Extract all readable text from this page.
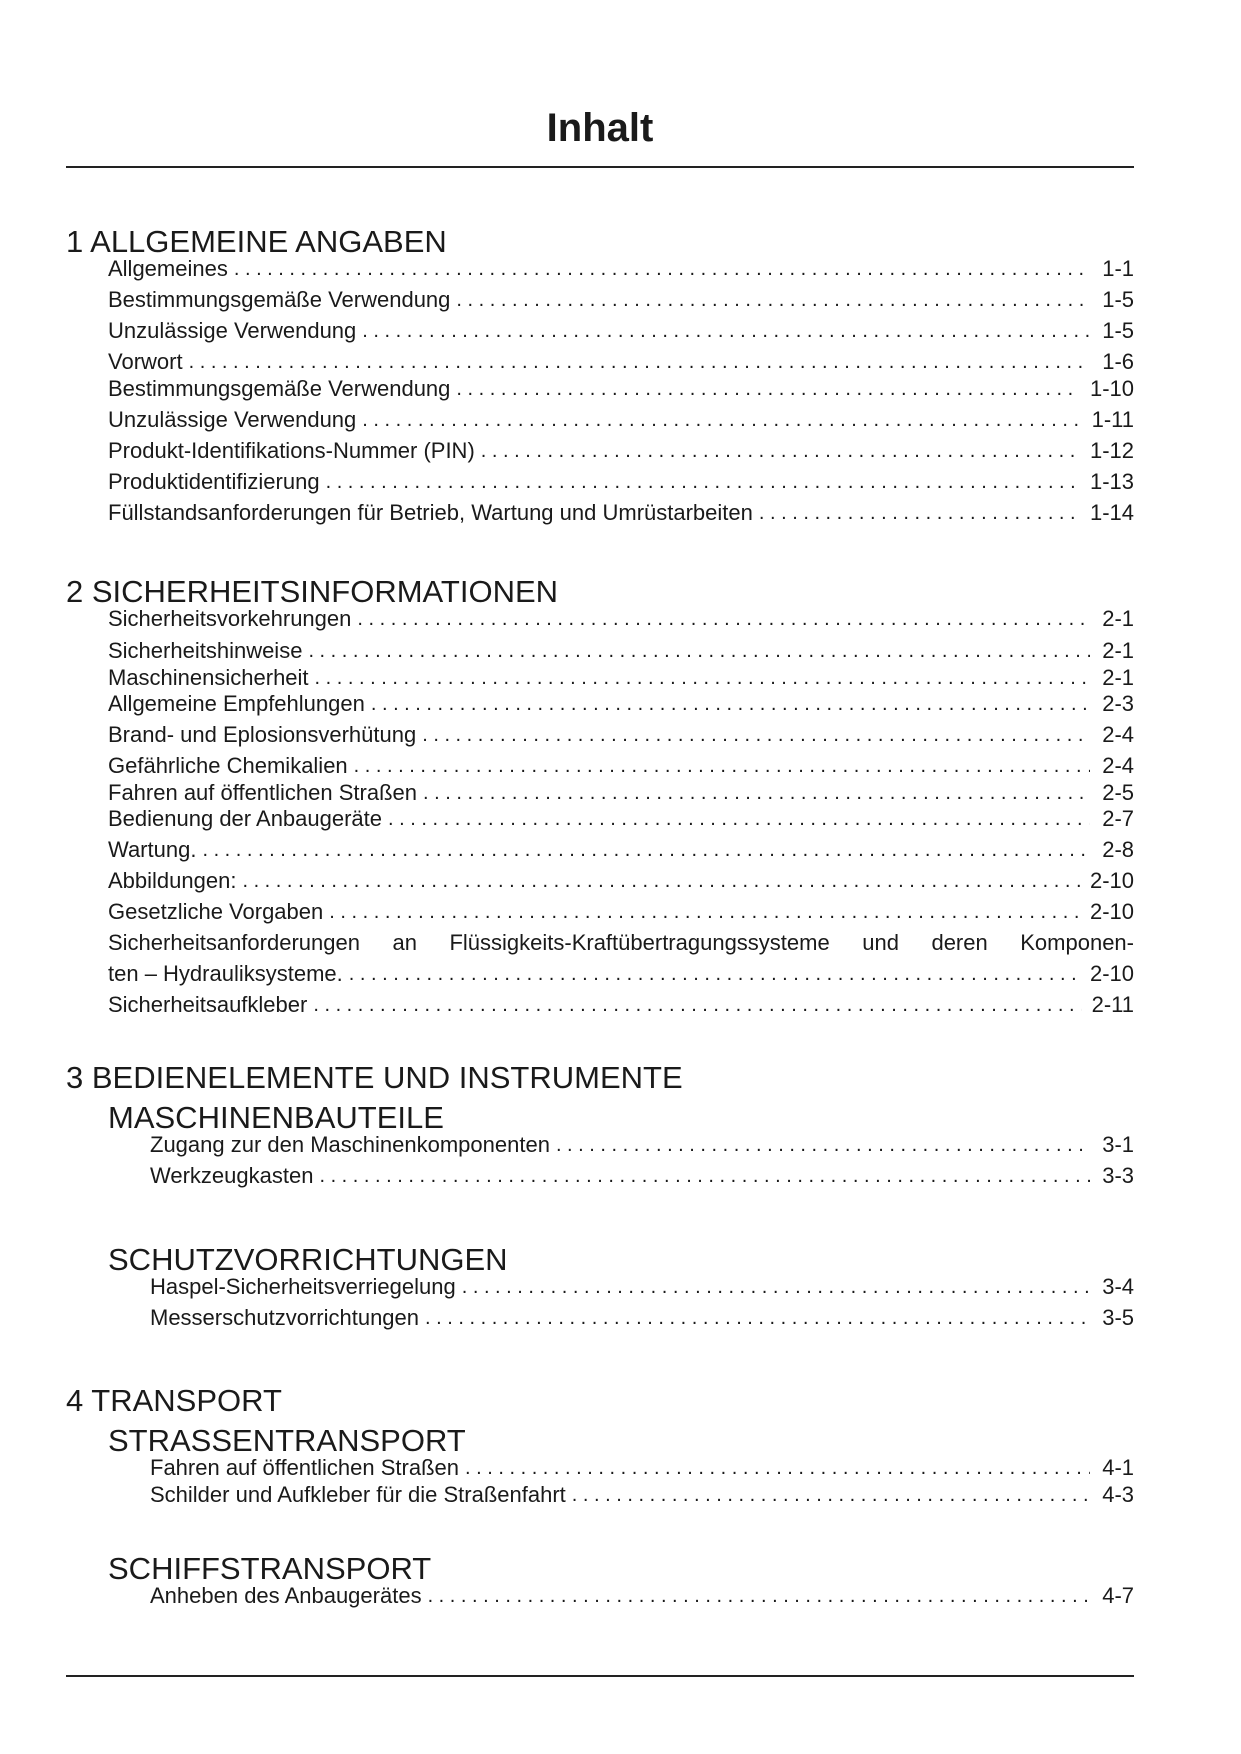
Inhalt
1 ALLGEMEINE ANGABEN
Allgemeines . . .	1-1
Bestimmungsgemäße Verwendung . . .	1-5
Unzulässige Verwendung . . .	1-5
Vorwort . . .	1-6
Bestimmungsgemäße Verwendung . . .	1-10
Unzulässige Verwendung . . .	1-11
Produkt-Identifikations-Nummer (PIN) . . .	1-12
Produktidentifizierung . . .	1-13
Füllstandsanforderungen für Betrieb, Wartung und Umrüstarbeiten . . .	1-14
2 SICHERHEITSINFORMATIONEN
Sicherheitsvorkehrungen . . .	2-1
Sicherheitshinweise . . .	2-1
Maschinensicherheit . . .	2-1
Allgemeine Empfehlungen . . .	2-3
Brand- und Eplosionsverhütung . . .	2-4
Gefährliche Chemikalien . . .	2-4
Fahren auf öffentlichen Straßen . . .	2-5
Bedienung der Anbaugeräte . . .	2-7
Wartung. . . .	2-8
Abbildungen: . . .	2-10
Gesetzliche Vorgaben . . .	2-10
Sicherheitsanforderungen an Flüssigkeits-Kraftübertragungssysteme und deren Komponen-
ten – Hydrauliksysteme. . . .	2-10
Sicherheitsaufkleber . . .	2-11
3 BEDIENELEMENTE UND INSTRUMENTE
MASCHINENBAUTEILE
Zugang zur den Maschinenkomponenten . . .	3-1
Werkzeugkasten . . .	3-3
SCHUTZVORRICHTUNGEN
Haspel-Sicherheitsverriegelung . . .	3-4
Messerschutzvorrichtungen . . .	3-5
4 TRANSPORT
STRASSENTRANSPORT
Fahren auf öffentlichen Straßen . . .	4-1
Schilder und Aufkleber für die Straßenfahrt . . .	4-3
SCHIFFSTRANSPORT
Anheben des Anbaugerätes . . .	4-7
